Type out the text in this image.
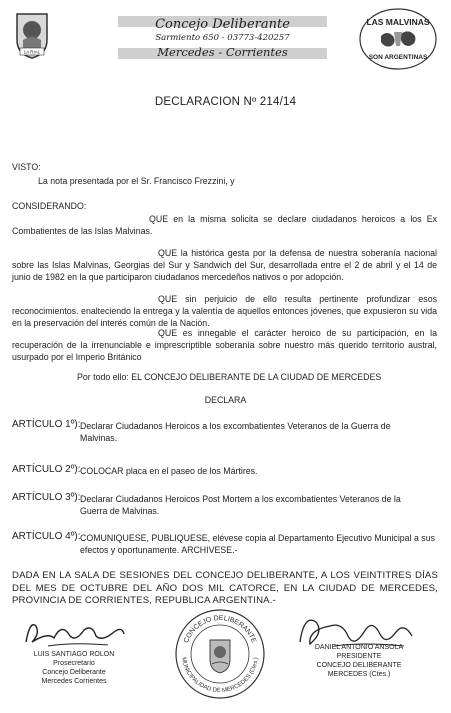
LA RIAL
Concejo Deliberante
Sarmiento 650 - 03773-420257
Mercedes - Corrientes
LAS MALVINAS
SON ARGENTINAS
DECLARACION Nº 214/14
VISTO:
La nota presentada por el Sr. Francisco Frezzini, y
CONSIDERANDO:
QUE en la misma solicita se declare ciudadanos heroicos a los Ex Combatientes de las Islas Malvinas.
QUE la histórica gesta por la defensa de nuestra soberanía nacional sobre las Islas Malvinas, Georgias del Sur y Sandwich del Sur, desarrollada entre el 2 de abril y el 14 de junio de 1982 en la que participaron ciudadanos mercedeños nativos o por adopción.
QUE sin perjuicio de ello resulta pertinente profundizar esos reconocimientos. enalteciendo la entrega y la valentía de aquellos entonces jóvenes, que expusieron su vida en la preservación del interés común de la Nación.
QUE es innegable el carácter heroico de su participación, en la recuperación de la irrenunciable e imprescriptible soberanía sobre nuestro más querido territorio austral, usurpado por el Imperio Británico
Por todo ello: EL CONCEJO DELIBERANTE DE LA CIUDAD DE MERCEDES
DECLARA
ARTÍCULO 1º): Declarar Ciudadanos Heroicos a los excombatientes Veteranos de la Guerra de Malvinas.
ARTÍCULO 2º): COLOCAR placa en el paseo de los Mártires.
ARTÍCULO 3º): Declarar Ciudadanos Heroicos Post Mortem a los excombatientes Veteranos de la Guerra de Malvinas.
ARTÍCULO 4º): COMUNIQUESE, PUBLIQUESE, elévese copia al Departamento Ejecutivo Municipal a sus efectos y oportunamente. ARCHIVESE.-
DADA EN LA SALA DE SESIONES DEL CONCEJO DELIBERANTE, A LOS VEINTITRES DÍAS DEL MES DE OCTUBRE DEL AÑO DOS MIL CATORCE, EN LA CIUDAD DE MERCEDES, PROVINCIA DE CORRIENTES, REPUBLICA ARGENTINA.-
LUIS SANTIAGO ROLON
Prosecretario
Concejo Deliberante
Mercedes Corrientes
CONCEJO DELIBERANTE
MUNICIPALIDAD DE MERCEDES (Ctes.)
DANIEL ANTONIO ANSOLA
PRESIDENTE
CONCEJO DELIBERANTE
MERCEDES (Ctes.)
